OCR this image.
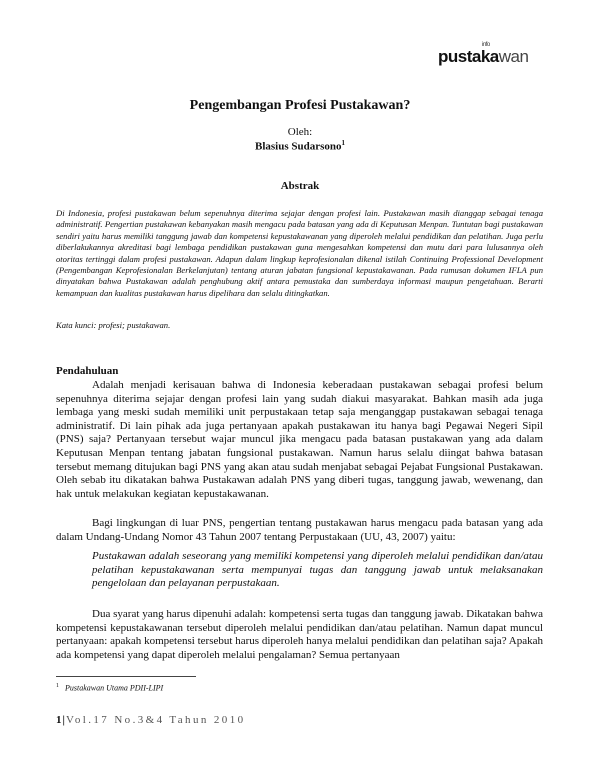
pustakawan
info
Pengembangan Profesi Pustakawan?
Oleh:
Blasius Sudarsono$^1$
Abstrak

Di Indonesia, profesi pustakawan belum sepenuhnya diterima sejajar dengan profesi lain. Pustakawan masih dianggap sebagai tenaga administratif. Pengertian pustakawan kebanyakan masih mengacu pada batasan yang ada di Keputusan Menpan. Tuntutan bagi pustakawan sendiri yaitu harus memiliki tanggung jawab dan kompetensi kepustakawanan yang diperoleh melalui pendidikan dan pelatihan. Juga perlu diberlakukannya akreditasi bagi lembaga pendidikan pustakawan guna mengesahkan kompetensi dan mutu dari para lulusannya oleh otoritas tertinggi dalam profesi pustakawan. Adapun dalam lingkup keprofesionalan dikenal istilah Continuing Professional Development (Pengembangan Keprofesionalan Berkelanjutan) tentang aturan jabatan fungsional kepustakawanan. Pada rumusan dokumen IFLA pun dinyatakan bahwa Pustakawan adalah penghubung aktif antara pemustaka dan sumberdaya informasi maupun pengetahuan. Berarti kemampuan dan kualitas pustakawan harus dipelihara dan selalu ditingkatkan.

Kata kunci: profesi; pustakawan.

Pendahuluan

Adalah menjadi kerisauan bahwa di Indonesia keberadaan pustakawan sebagai profesi belum sepenuhnya diterima sejajar dengan profesi lain yang sudah diakui masyarakat. Bahkan masih ada juga lembaga yang meski sudah memiliki unit perpustakaan tetap saja menganggap pustakawan sebagai tenaga administratif. Di lain pihak ada juga pertanyaan apakah pustakawan itu hanya bagi Pegawai Negeri Sipil (PNS) saja? Pertanyaan tersebut wajar muncul jika mengacu pada batasan pustakawan yang ada dalam Keputusan Menpan tentang jabatan fungsional pustakawan. Namun harus selalu diingat bahwa batasan tersebut memang ditujukan bagi PNS yang akan atau sudah menjabat sebagai Pejabat Fungsional Pustakawan. Oleh sebab itu dikatakan bahwa Pustakawan adalah PNS yang diberi tugas, tanggung jawab, wewenang, dan hak untuk melakukan kegiatan kepustakawanan.

Bagi lingkungan di luar PNS, pengertian tentang pustakawan harus mengacu pada batasan yang ada dalam Undang-Undang Nomor 43 Tahun 2007 tentang Perpustakaan (UU, 43, 2007) yaitu:

Pustakawan adalah seseorang yang memiliki kompetensi yang diperoleh melalui pendidikan dan/atau pelatihan kepustakawanan serta mempunyai tugas dan tanggung jawab untuk melaksanakan pengelolaan dan pelayanan perpustakaan.

Dua syarat yang harus dipenuhi adalah: kompetensi serta tugas dan tanggung jawab. Dikatakan bahwa kompetensi kepustakawanan tersebut diperoleh melalui pendidikan dan/atau pelatihan. Namun dapat muncul pertanyaan: apakah kompetensi tersebut harus diperoleh hanya melalui pendidikan dan pelatihan saja? Apakah ada kompetensi yang dapat diperoleh melalui pengalaman? Semua pertanyaan

$^1$ Pustakawan Utama PDII-LIPI

1|Vol.17 No.3&4 Tahun 2010
